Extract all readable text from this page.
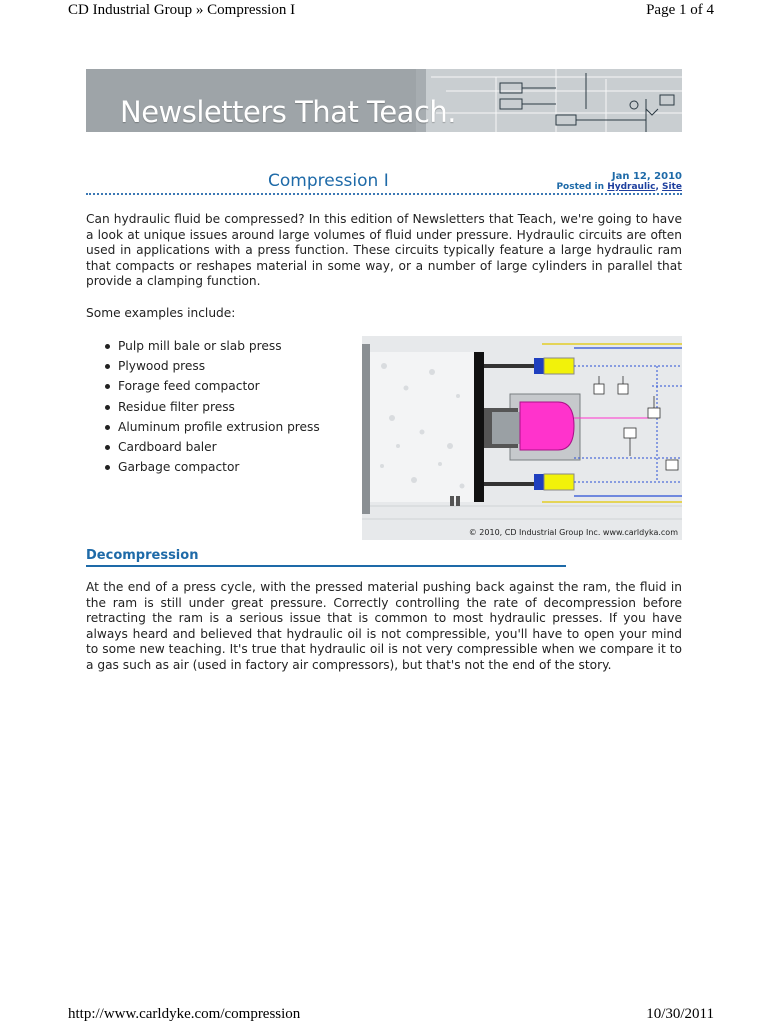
CD Industrial Group » Compression I	Page 1 of 4
Newsletters That Teach.
Compression I	Jan 12, 2010
Posted in Hydraulic, Site

Can hydraulic fluid be compressed? In this edition of Newsletters that Teach, we're going to have a look at unique issues around large volumes of fluid under pressure. Hydraulic circuits are often used in applications with a press function. These circuits typically feature a large hydraulic ram that compacts or reshapes material in some way, or a number of large cylinders in parallel that provide a clamping function.

Some examples include:

Pulp mill bale or slab press
Plywood press
Forage feed compactor
Residue filter press
Aluminum profile extrusion press
Cardboard baler
Garbage compactor
© 2010, CD Industrial Group Inc. www.carldyka.com
Decompression

At the end of a press cycle, with the pressed material pushing back against the ram, the fluid in the ram is still under great pressure. Correctly controlling the rate of decompression before retracting the ram is a serious issue that is common to most hydraulic presses. If you have always heard and believed that hydraulic oil is not compressible, you'll have to open your mind to some new teaching. It's true that hydraulic oil is not very compressible when we compare it to a gas such as air (used in factory air compressors), but that's not the end of the story.

http://www.carldyke.com/compression	10/30/2011
